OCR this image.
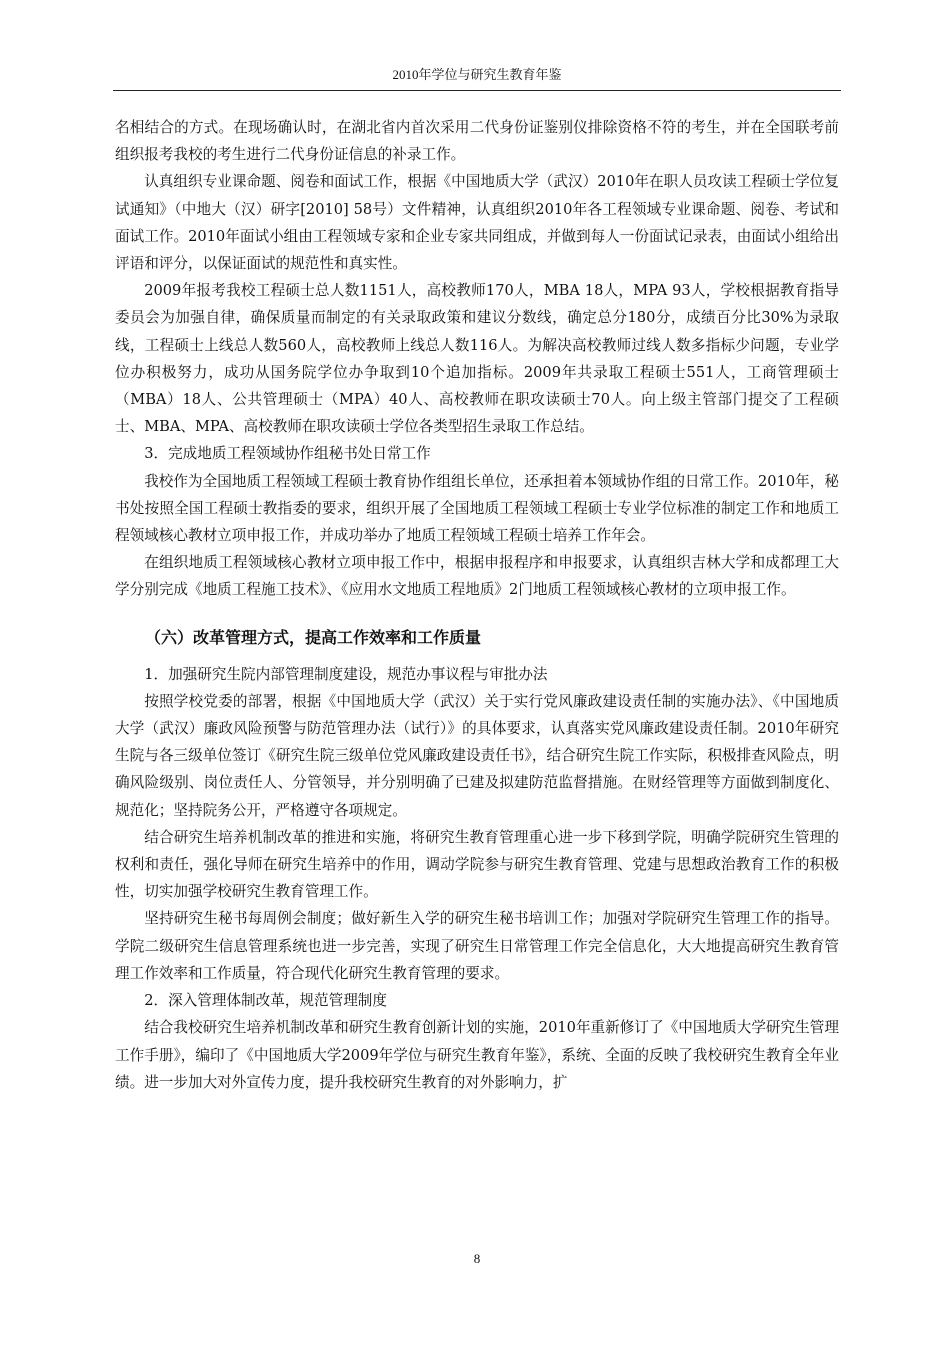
2010年学位与研究生教育年鉴

名相结合的方式。在现场确认时，在湖北省内首次采用二代身份证鉴别仪排除资格不符的考生，并在全国联考前组织报考我校的考生进行二代身份证信息的补录工作。

认真组织专业课命题、阅卷和面试工作，根据《中国地质大学（武汉）2010年在职人员攻读工程硕士学位复试通知》（中地大（汉）研字[2010] 58号）文件精神，认真组织2010年各工程领域专业课命题、阅卷、考试和面试工作。2010年面试小组由工程领域专家和企业专家共同组成，并做到每人一份面试记录表，由面试小组给出评语和评分，以保证面试的规范性和真实性。

2009年报考我校工程硕士总人数1151人，高校教师170人，MBA 18人，MPA 93人，学校根据教育指导委员会为加强自律，确保质量而制定的有关录取政策和建议分数线，确定总分180分，成绩百分比30%为录取线，工程硕士上线总人数560人，高校教师上线总人数116人。为解决高校教师过线人数多指标少问题，专业学位办积极努力，成功从国务院学位办争取到10个追加指标。2009年共录取工程硕士551人，工商管理硕士（MBA）18人、公共管理硕士（MPA）40人、高校教师在职攻读硕士70人。向上级主管部门提交了工程硕士、MBA、MPA、高校教师在职攻读硕士学位各类型招生录取工作总结。

3．完成地质工程领域协作组秘书处日常工作

我校作为全国地质工程领域工程硕士教育协作组组长单位，还承担着本领域协作组的日常工作。2010年，秘书处按照全国工程硕士教指委的要求，组织开展了全国地质工程领域工程硕士专业学位标准的制定工作和地质工程领域核心教材立项申报工作，并成功举办了地质工程领域工程硕士培养工作年会。

在组织地质工程领域核心教材立项申报工作中，根据申报程序和申报要求，认真组织吉林大学和成都理工大学分别完成《地质工程施工技术》、《应用水文地质工程地质》2门地质工程领域核心教材的立项申报工作。

（六）改革管理方式，提高工作效率和工作质量

1．加强研究生院内部管理制度建设，规范办事议程与审批办法

按照学校党委的部署，根据《中国地质大学（武汉）关于实行党风廉政建设责任制的实施办法》、《中国地质大学（武汉）廉政风险预警与防范管理办法（试行）》的具体要求，认真落实党风廉政建设责任制。2010年研究生院与各三级单位签订《研究生院三级单位党风廉政建设责任书》，结合研究生院工作实际，积极排查风险点，明确风险级别、岗位责任人、分管领导，并分别明确了已建及拟建防范监督措施。在财经管理等方面做到制度化、规范化；坚持院务公开，严格遵守各项规定。

结合研究生培养机制改革的推进和实施，将研究生教育管理重心进一步下移到学院，明确学院研究生管理的权利和责任，强化导师在研究生培养中的作用，调动学院参与研究生教育管理、党建与思想政治教育工作的积极性，切实加强学校研究生教育管理工作。

坚持研究生秘书每周例会制度；做好新生入学的研究生秘书培训工作；加强对学院研究生管理工作的指导。学院二级研究生信息管理系统也进一步完善，实现了研究生日常管理工作完全信息化，大大地提高研究生教育管理工作效率和工作质量，符合现代化研究生教育管理的要求。

2．深入管理体制改革，规范管理制度

结合我校研究生培养机制改革和研究生教育创新计划的实施，2010年重新修订了《中国地质大学研究生管理工作手册》，编印了《中国地质大学2009年学位与研究生教育年鉴》，系统、全面的反映了我校研究生教育全年业绩。进一步加大对外宣传力度，提升我校研究生教育的对外影响力，扩

8
